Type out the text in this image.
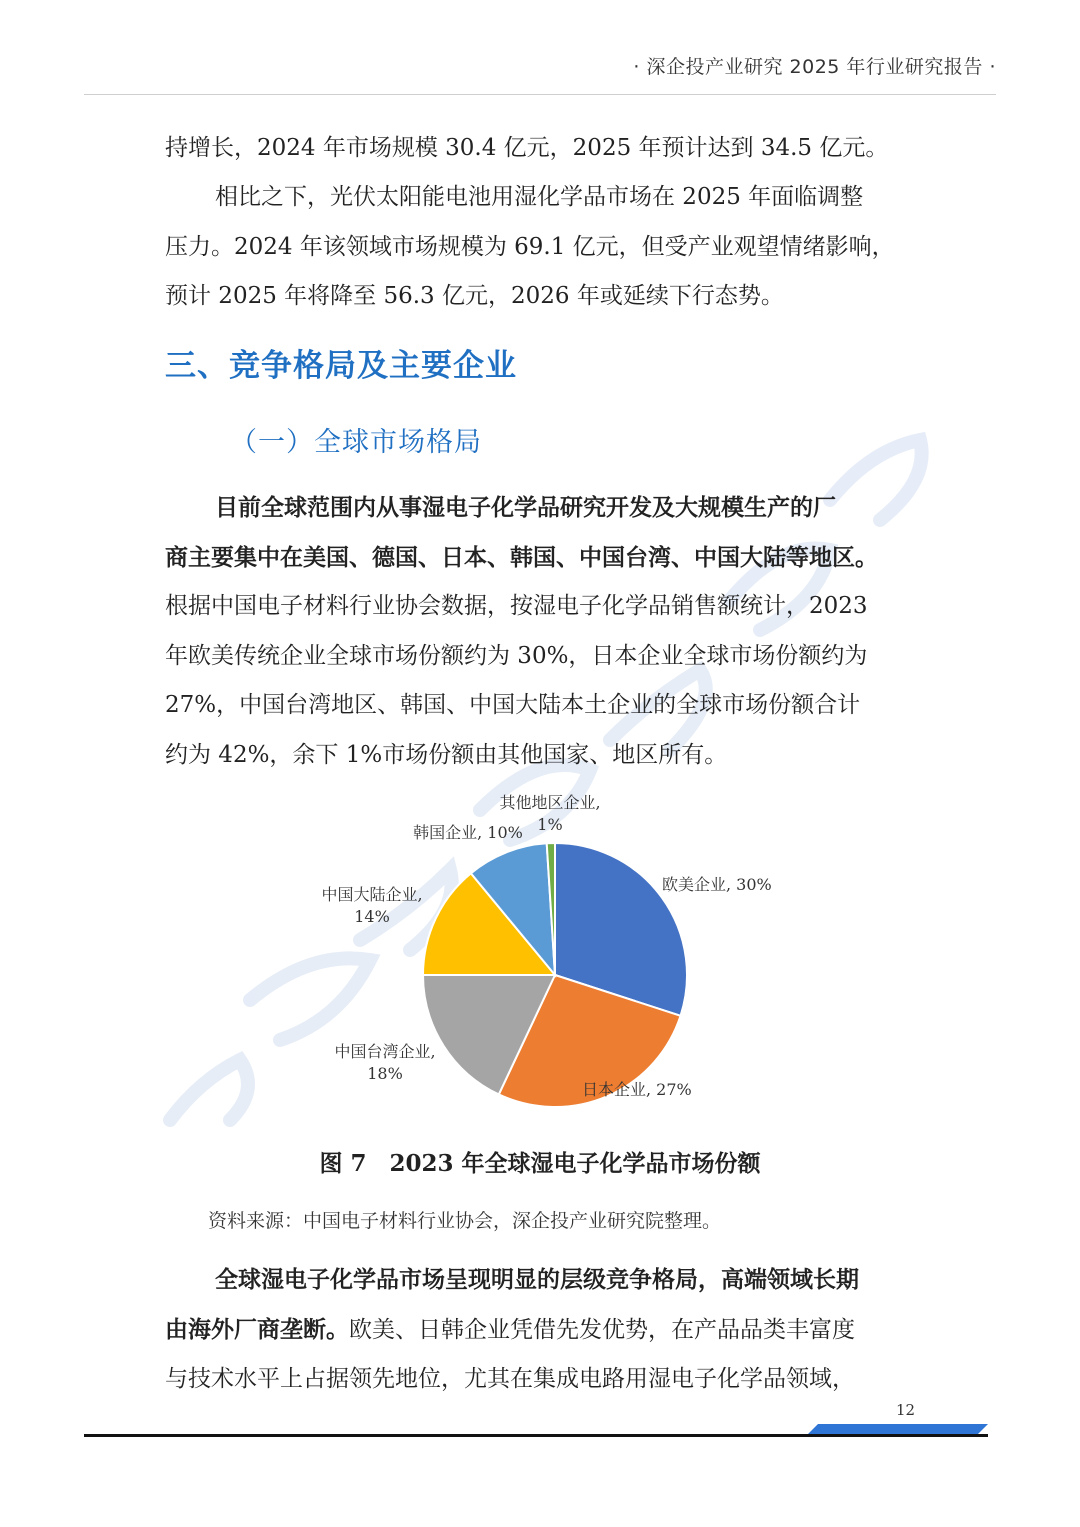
· 深企投产业研究 2025 年行业研究报告 ·

持增长，2024 年市场规模 30.4 亿元，2025 年预计达到 34.5 亿元。

相比之下，光伏太阳能电池用湿化学品市场在 2025 年面临调整
压力。2024 年该领域市场规模为 69.1 亿元，但受产业观望情绪影响，
预计 2025 年将降至 56.3 亿元，2026 年或延续下行态势。

三、竞争格局及主要企业
（一）全球市场格局

目前全球范围内从事湿电子化学品研究开发及大规模生产的厂
商主要集中在美国、德国、日本、韩国、中国台湾、中国大陆等地区。
根据中国电子材料行业协会数据，按湿电子化学品销售额统计，2023
年欧美传统企业全球市场份额约为 30%，日本企业全球市场份额约为
27%，中国台湾地区、韩国、中国大陆本土企业的全球市场份额合计
约为 42%，余下 1%市场份额由其他国家、地区所有。

欧美企业, 30%
日本企业, 27%
中国台湾企业,
18%
中国大陆企业,
14%
韩国企业, 10%
其他地区企业,
1%
图 7　2023 年全球湿电子化学品市场份额
资料来源：中国电子材料行业协会，深企投产业研究院整理。

全球湿电子化学品市场呈现明显的层级竞争格局，高端领域长期
由海外厂商垄断。欧美、日韩企业凭借先发优势，在产品品类丰富度
与技术水平上占据领先地位，尤其在集成电路用湿电子化学品领域，

12
